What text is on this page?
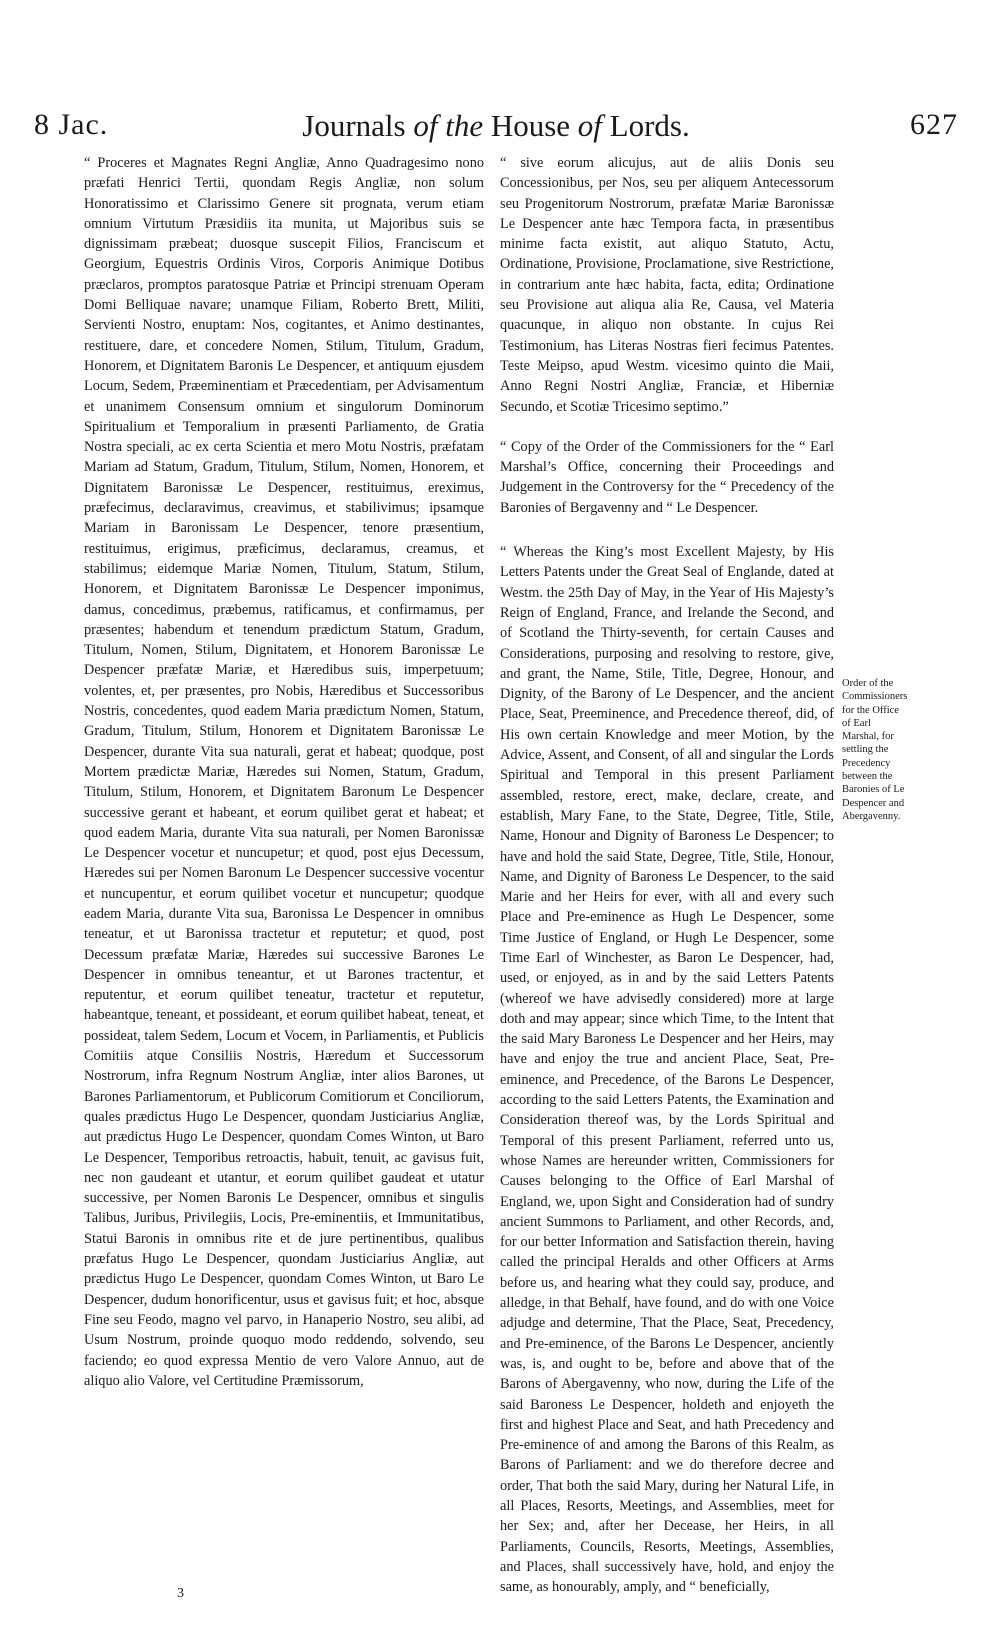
8 Jac.	Journals of the House of Lords.	627

“ Proceres et Magnates Regni Angliæ, Anno Quadragesimo nono præfati Henrici Tertii, quondam Regis Angliæ, non solum Honoratissimo et Clarissimo Genere sit prognata, verum etiam omnium Virtutum Præsidiis ita munita, ut Majoribus suis se dignissimam præbeat; duosque suscepit Filios, Franciscum et Georgium, Equestris Ordinis Viros, Corporis Animique Dotibus præclaros, promptos paratosque Patriæ et Principi strenuam Operam Domi Belliquae navare; unamque Filiam, Roberto Brett, Militi, Servienti Nostro, enuptam: Nos, cogitantes, et Animo destinantes, restituere, dare, et concedere Nomen, Stilum, Titulum, Gradum, Honorem, et Dignitatem Baronis Le Despencer, et antiquum ejusdem Locum, Sedem, Præeminentiam et Præcedentiam, per Advisamentum et unanimem Consensum omnium et singulorum Dominorum Spiritualium et Temporalium in præsenti Parliamento, de Gratia Nostra speciali, ac ex certa Scientia et mero Motu Nostris, præfatam Mariam ad Statum, Gradum, Titulum, Stilum, Nomen, Honorem, et Dignitatem Baronissæ Le Despencer, restituimus, ereximus, præfecimus, declaravimus, creavimus, et stabilivimus; ipsamque Mariam in Baronissam Le Despencer, tenore præsentium, restituimus, erigimus, præficimus, declaramus, creamus, et stabilimus; eidemque Mariæ Nomen, Titulum, Statum, Stilum, Honorem, et Dignitatem Baronissæ Le Despencer imponimus, damus, concedimus, præbemus, ratificamus, et confirmamus, per præsentes; habendum et tenendum prædictum Statum, Gradum, Titulum, Nomen, Stilum, Dignitatem, et Honorem Baronissæ Le Despencer præfatæ Mariæ, et Hæredibus suis, imperpetuum; volentes, et, per præsentes, pro Nobis, Hæredibus et Successoribus Nostris, concedentes, quod eadem Maria prædictum Nomen, Statum, Gradum, Titulum, Stilum, Honorem et Dignitatem Baronissæ Le Despencer, durante Vita sua naturali, gerat et habeat; quodque, post Mortem prædictæ Mariæ, Hæredes sui Nomen, Statum, Gradum, Titulum, Stilum, Honorem, et Dignitatem Baronum Le Despencer successive gerant et habeant, et eorum quilibet gerat et habeat; et quod eadem Maria, durante Vita sua naturali, per Nomen Baronissæ Le Despencer vocetur et nuncupetur; et quod, post ejus Decessum, Hæredes sui per Nomen Baronum Le Despencer successive vocentur et nuncupentur, et eorum quilibet vocetur et nuncupetur; quodque eadem Maria, durante Vita sua, Baronissa Le Despencer in omnibus teneatur, et ut Baronissa tractetur et reputetur; et quod, post Decessum præfatæ Mariæ, Hæredes sui successive Barones Le Despencer in omnibus teneantur, et ut Barones tractentur, et reputentur, et eorum quilibet teneatur, tractetur et reputetur, habeantque, teneant, et possideant, et eorum quilibet habeat, teneat, et possideat, talem Sedem, Locum et Vocem, in Parliamentis, et Publicis Comitiis atque Consiliis Nostris, Hæredum et Successorum Nostrorum, infra Regnum Nostrum Angliæ, inter alios Barones, ut Barones Parliamentorum, et Publicorum Comitiorum et Conciliorum, quales prædictus Hugo Le Despencer, quondam Justiciarius Angliæ, aut prædictus Hugo Le Despencer, quondam Comes Winton, ut Baro Le Despencer, Temporibus retroactis, habuit, tenuit, ac gavisus fuit, nec non gaudeant et utantur, et eorum quilibet gaudeat et utatur successive, per Nomen Baronis Le Despencer, omnibus et singulis Talibus, Juribus, Privilegiis, Locis, Pre-eminentiis, et Immunitatibus, Statui Baronis in omnibus rite et de jure pertinentibus, qualibus præfatus Hugo Le Despencer, quondam Justiciarius Angliæ, aut prædictus Hugo Le Despencer, quondam Comes Winton, ut Baro Le Despencer, dudum honorificentur, usus et gavisus fuit; et hoc, absque Fine seu Feodo, magno vel parvo, in Hanaperio Nostro, seu alibi, ad Usum Nostrum, proinde quoquo modo reddendo, solvendo, seu faciendo; eo quod expressa Mentio de vero Valore Annuo, aut de aliquo alio Valore, vel Certitudine Præmissorum,

“ sive eorum alicujus, aut de aliis Donis seu Concessionibus, per Nos, seu per aliquem Antecessorum seu Progenitorum Nostrorum, præfatæ Mariæ Baronissæ Le Despencer ante hæc Tempora facta, in præsentibus minime facta existit, aut aliquo Statuto, Actu, Ordinatione, Provisione, Proclamatione, sive Restrictione, in contrarium ante hæc habita, facta, edita; Ordinatione seu Provisione aut aliqua alia Re, Causa, vel Materia quacunque, in aliquo non obstante. In cujus Rei Testimonium, has Literas Nostras fieri fecimus Patentes. Teste Meipso, apud Westm. vicesimo quinto die Maii, Anno Regni Nostri Angliæ, Franciæ, et Hiberniæ Secundo, et Scotiæ Tricesimo septimo.”

“ Copy of the Order of the Commissioners for the “ Earl Marshal’s Office, concerning their Proceedings and Judgement in the Controversy for the “ Precedency of the Baronies of Bergavenny and “ Le Despencer.

“ Whereas the King’s most Excellent Majesty, by His Letters Patents under the Great Seal of Englande, dated at Westm. the 25th Day of May, in the Year of His Majesty’s Reign of England, France, and Irelande the Second, and of Scotland the Thirty-seventh, for certain Causes and Considerations, purposing and resolving to restore, give, and grant, the Name, Stile, Title, Degree, Honour, and Dignity, of the Barony of Le Despencer, and the ancient Place, Seat, Preeminence, and Precedence thereof, did, of His own certain Knowledge and meer Motion, by the Advice, Assent, and Consent, of all and singular the Lords Spiritual and Temporal in this present Parliament assembled, restore, erect, make, declare, create, and establish, Mary Fane, to the State, Degree, Title, Stile, Name, Honour and Dignity of Baroness Le Despencer; to have and hold the said State, Degree, Title, Stile, Honour, Name, and Dignity of Baroness Le Despencer, to the said Marie and her Heirs for ever, with all and every such Place and Pre-eminence as Hugh Le Despencer, some Time Justice of England, or Hugh Le Despencer, some Time Earl of Winchester, as Baron Le Despencer, had, used, or enjoyed, as in and by the said Letters Patents (whereof we have advisedly considered) more at large doth and may appear; since which Time, to the Intent that the said Mary Baroness Le Despencer and her Heirs, may have and enjoy the true and ancient Place, Seat, Pre-eminence, and Precedence, of the Barons Le Despencer, according to the said Letters Patents, the Examination and Consideration thereof was, by the Lords Spiritual and Temporal of this present Parliament, referred unto us, whose Names are hereunder written, Commissioners for Causes belonging to the Office of Earl Marshal of England, we, upon Sight and Consideration had of sundry ancient Summons to Parliament, and other Records, and, for our better Information and Satisfaction therein, having called the principal Heralds and other Officers at Arms before us, and hearing what they could say, produce, and alledge, in that Behalf, have found, and do with one Voice adjudge and determine, That the Place, Seat, Precedency, and Pre-eminence, of the Barons Le Despencer, anciently was, is, and ought to be, before and above that of the Barons of Abergavenny, who now, during the Life of the said Baroness Le Despencer, holdeth and enjoyeth the first and highest Place and Seat, and hath Precedency and Pre-eminence of and among the Barons of this Realm, as Barons of Parliament: and we do therefore decree and order, That both the said Mary, during her Natural Life, in all Places, Resorts, Meetings, and Assemblies, meet for her Sex; and, after her Decease, her Heirs, in all Parliaments, Councils, Resorts, Meetings, Assemblies, and Places, shall successively have, hold, and enjoy the same, as honourably, amply, and “ beneficially,

Order of the Commissioners for the Office of Earl Marshal, for settling the Precedency between the Baronies of Le Despencer and Abergavenny.
3
